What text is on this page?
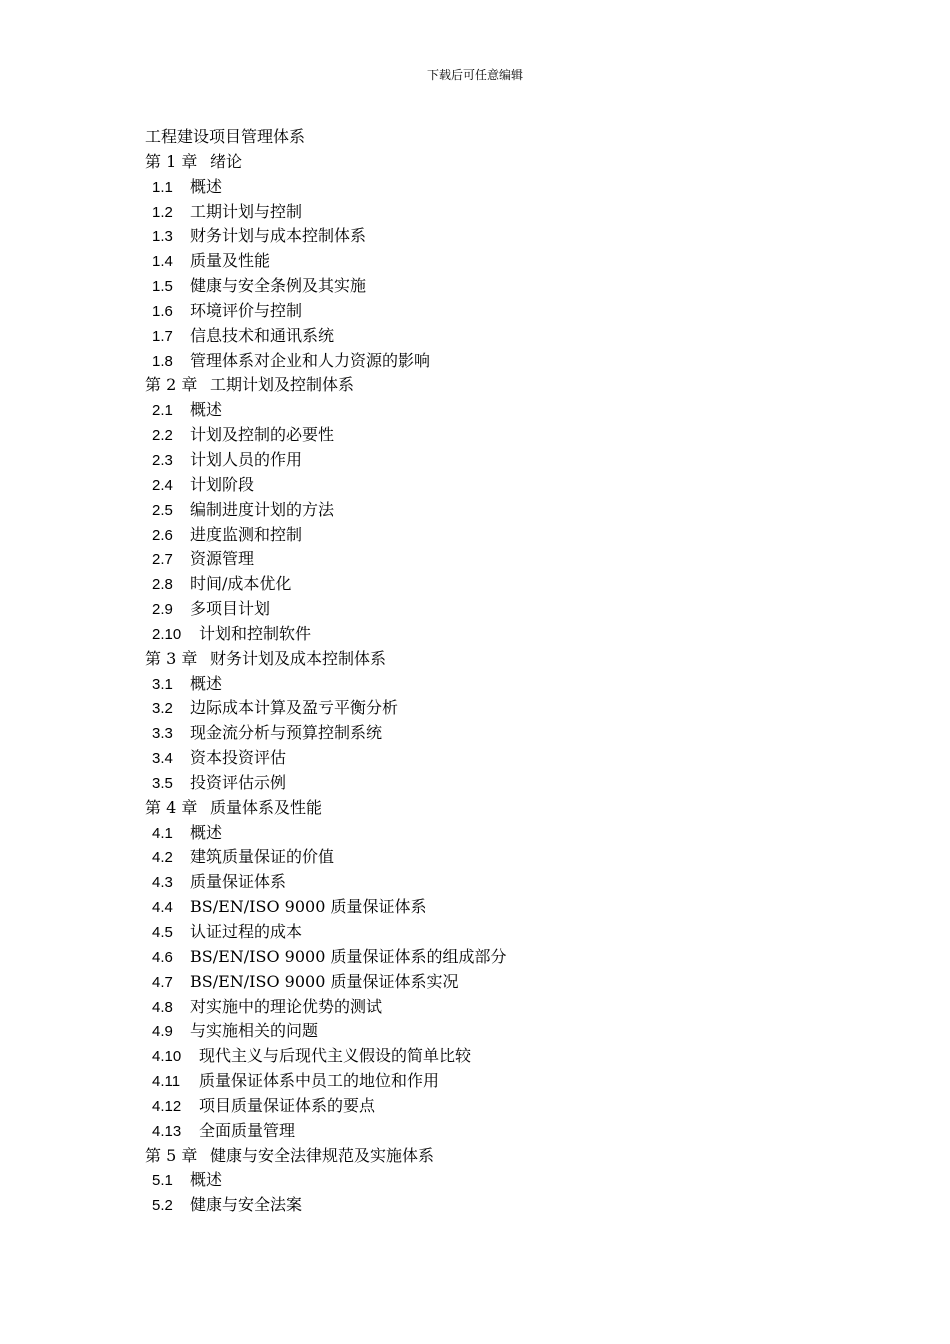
下载后可任意编辑
工程建设项目管理体系
第 1 章 绪论
1.1 概述
1.2 工期计划与控制
1.3 财务计划与成本控制体系
1.4 质量及性能
1.5 健康与安全条例及其实施
1.6 环境评价与控制
1.7 信息技术和通讯系统
1.8 管理体系对企业和人力资源的影响
第 2 章 工期计划及控制体系
2.1 概述
2.2 计划及控制的必要性
2.3 计划人员的作用
2.4 计划阶段
2.5 编制进度计划的方法
2.6 进度监测和控制
2.7 资源管理
2.8 时间/成本优化
2.9 多项目计划
2.10 计划和控制软件
第 3 章 财务计划及成本控制体系
3.1 概述
3.2 边际成本计算及盈亏平衡分析
3.3 现金流分析与预算控制系统
3.4 资本投资评估
3.5 投资评估示例
第 4 章 质量体系及性能
4.1 概述
4.2 建筑质量保证的价值
4.3 质量保证体系
4.4 BS/EN/ISO 9000 质量保证体系
4.5 认证过程的成本
4.6 BS/EN/ISO 9000 质量保证体系的组成部分
4.7 BS/EN/ISO 9000 质量保证体系实况
4.8 对实施中的理论优势的测试
4.9 与实施相关的问题
4.10 现代主义与后现代主义假设的简单比较
4.11 质量保证体系中员工的地位和作用
4.12 项目质量保证体系的要点
4.13 全面质量管理
第 5 章 健康与安全法律规范及实施体系
5.1 概述
5.2 健康与安全法案
